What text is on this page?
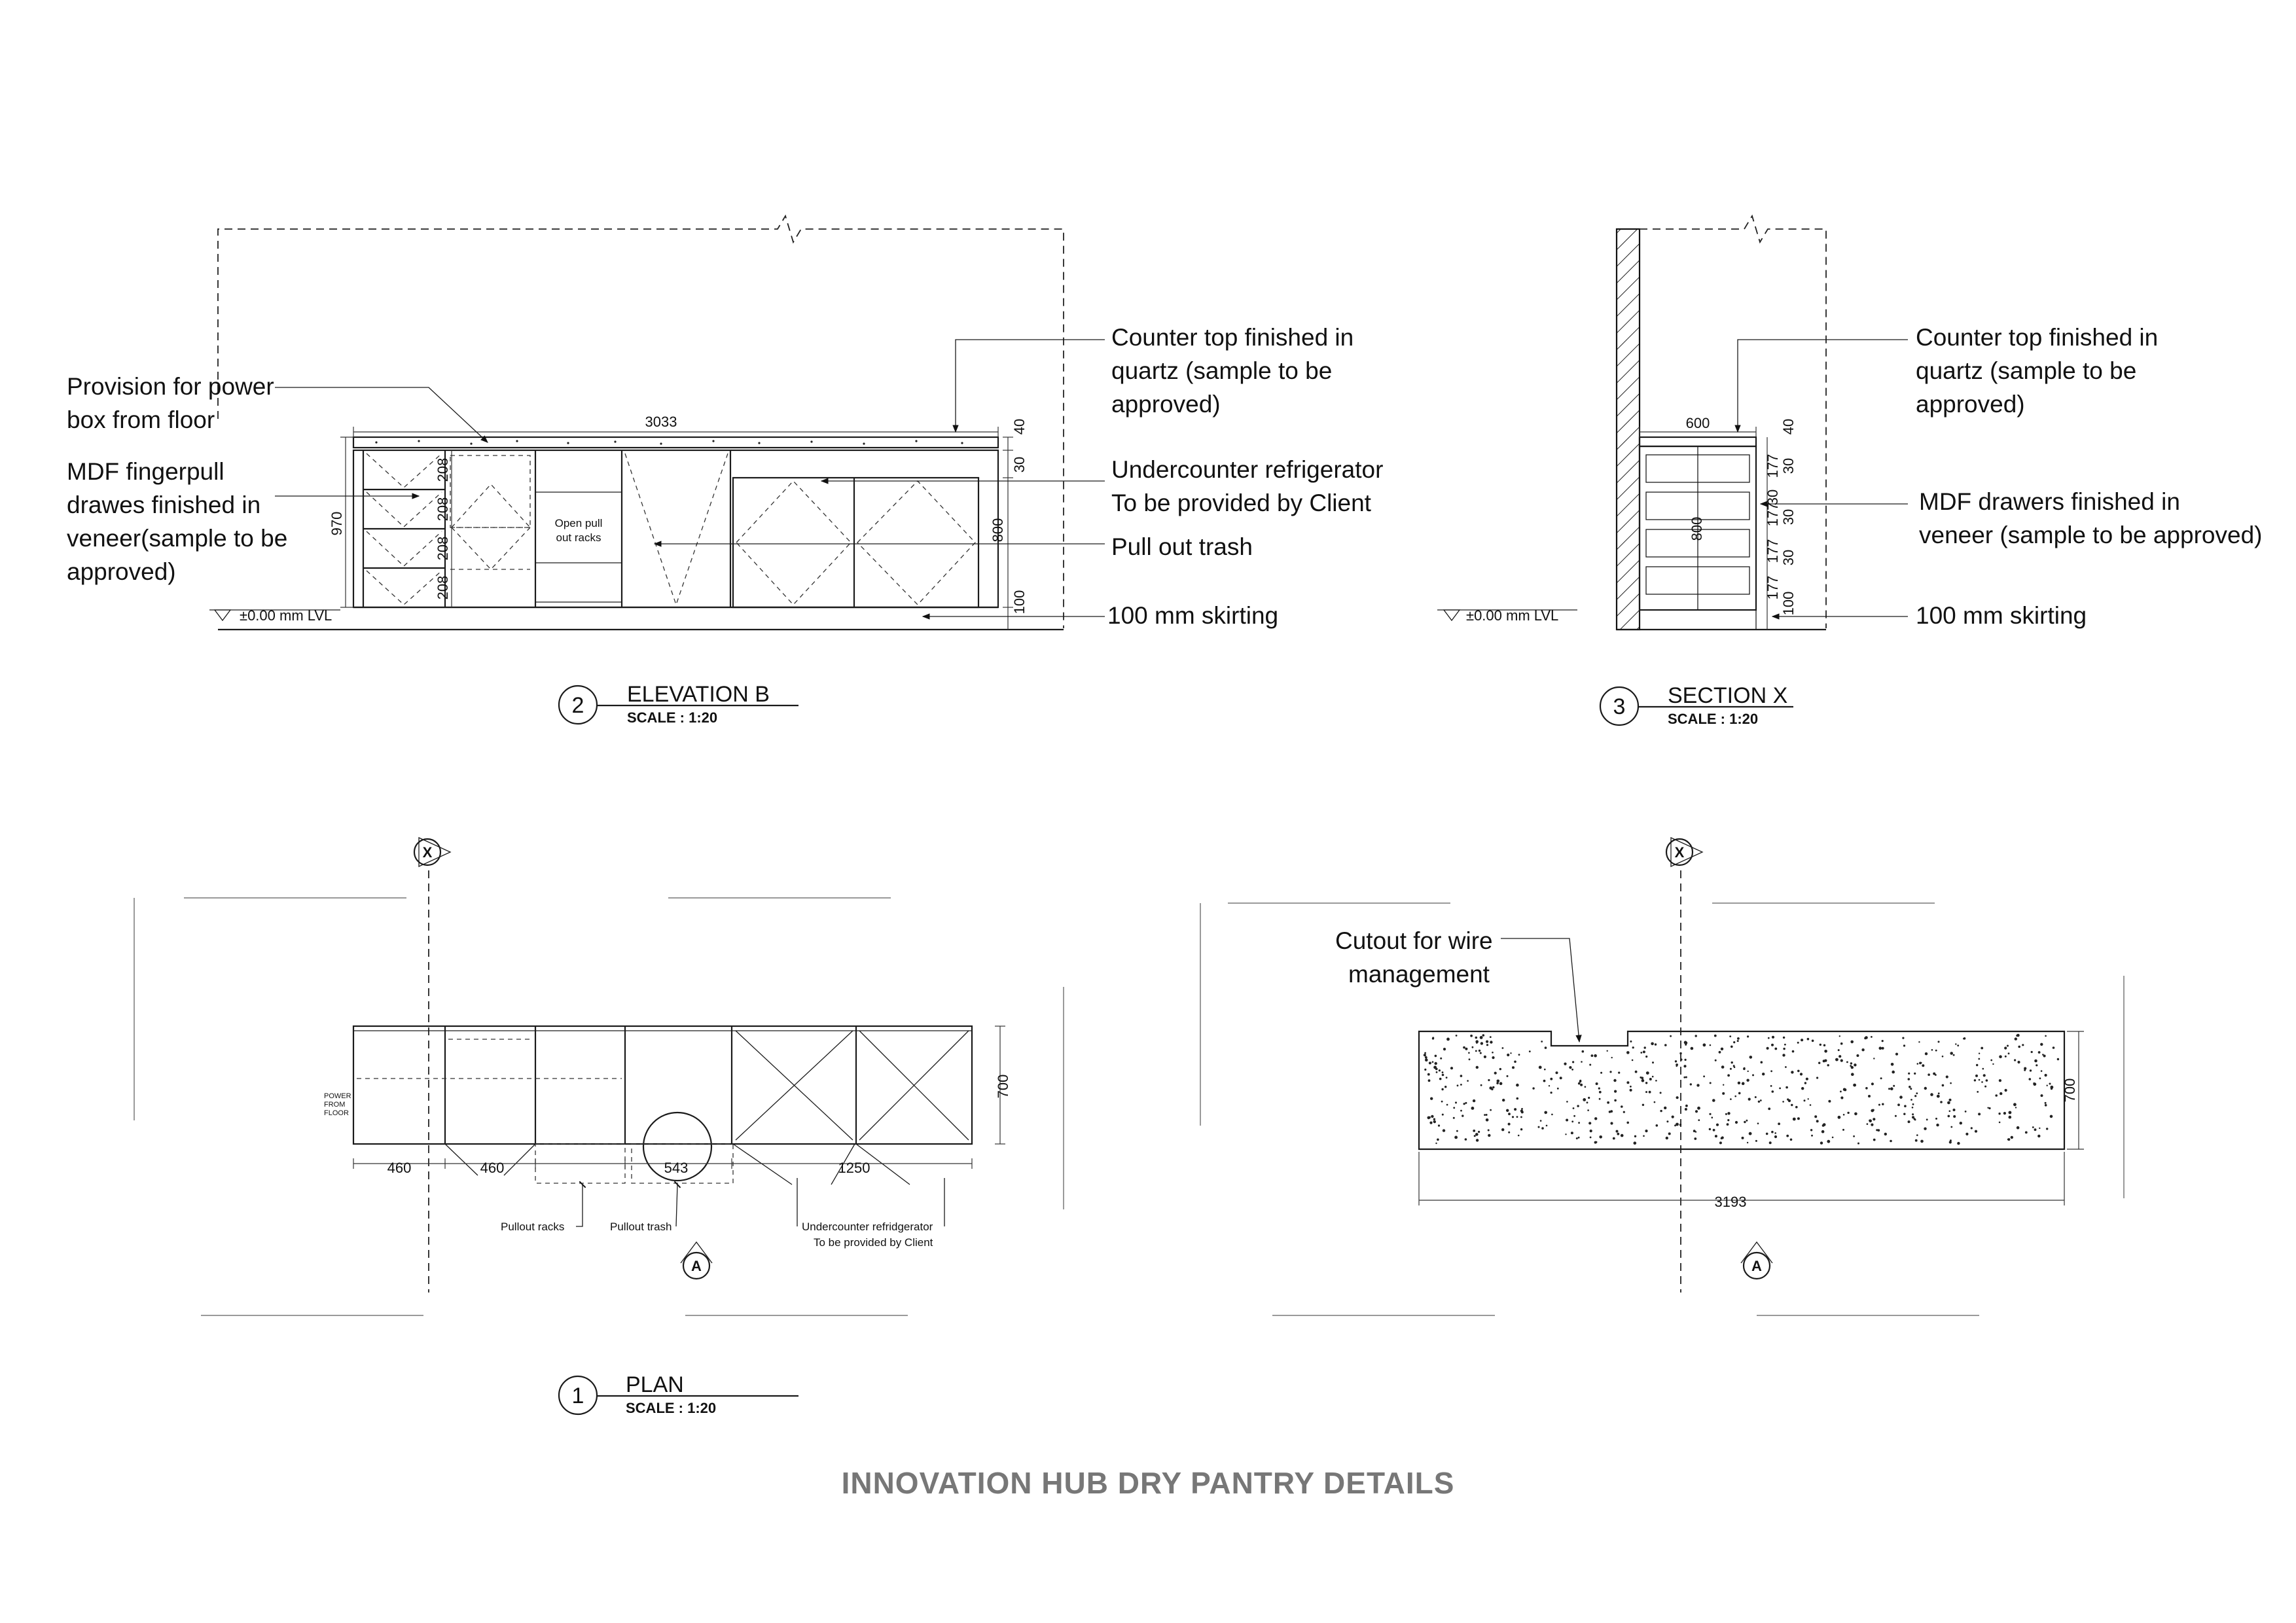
±0.00 mm LVL
Open pull
out racks
970
208
208
208
208
3033	40
30
800
100
Provision for power
box from floor
MDF fingerpull
drawes finished in
veneer(sample to be
approved)
Counter top finished in
quartz (sample to be
approved)
Undercounter refrigerator
To be provided by Client
Pull out trash
100 mm skirting
2 ELEVATION B
SCALE : 1:20
±0.00 mm LVL
600
800
40
177 30
30
177 30
177 30
177
100
Counter top finished in
quartz (sample to be
approved)
MDF drawers finished in
veneer (sample to be approved)
100 mm skirting
3 SECTION X
SCALE : 1:20
X
POWER
FROM
FLOOR
460	460	543	1250
700
Pullout racks	Pullout trash	Undercounter refridgerator
To be provided by Client
A
1 PLAN
SCALE : 1:20
X
3193
700
Cutout for wire
management
A
INNOVATION HUB DRY PANTRY DETAILS
